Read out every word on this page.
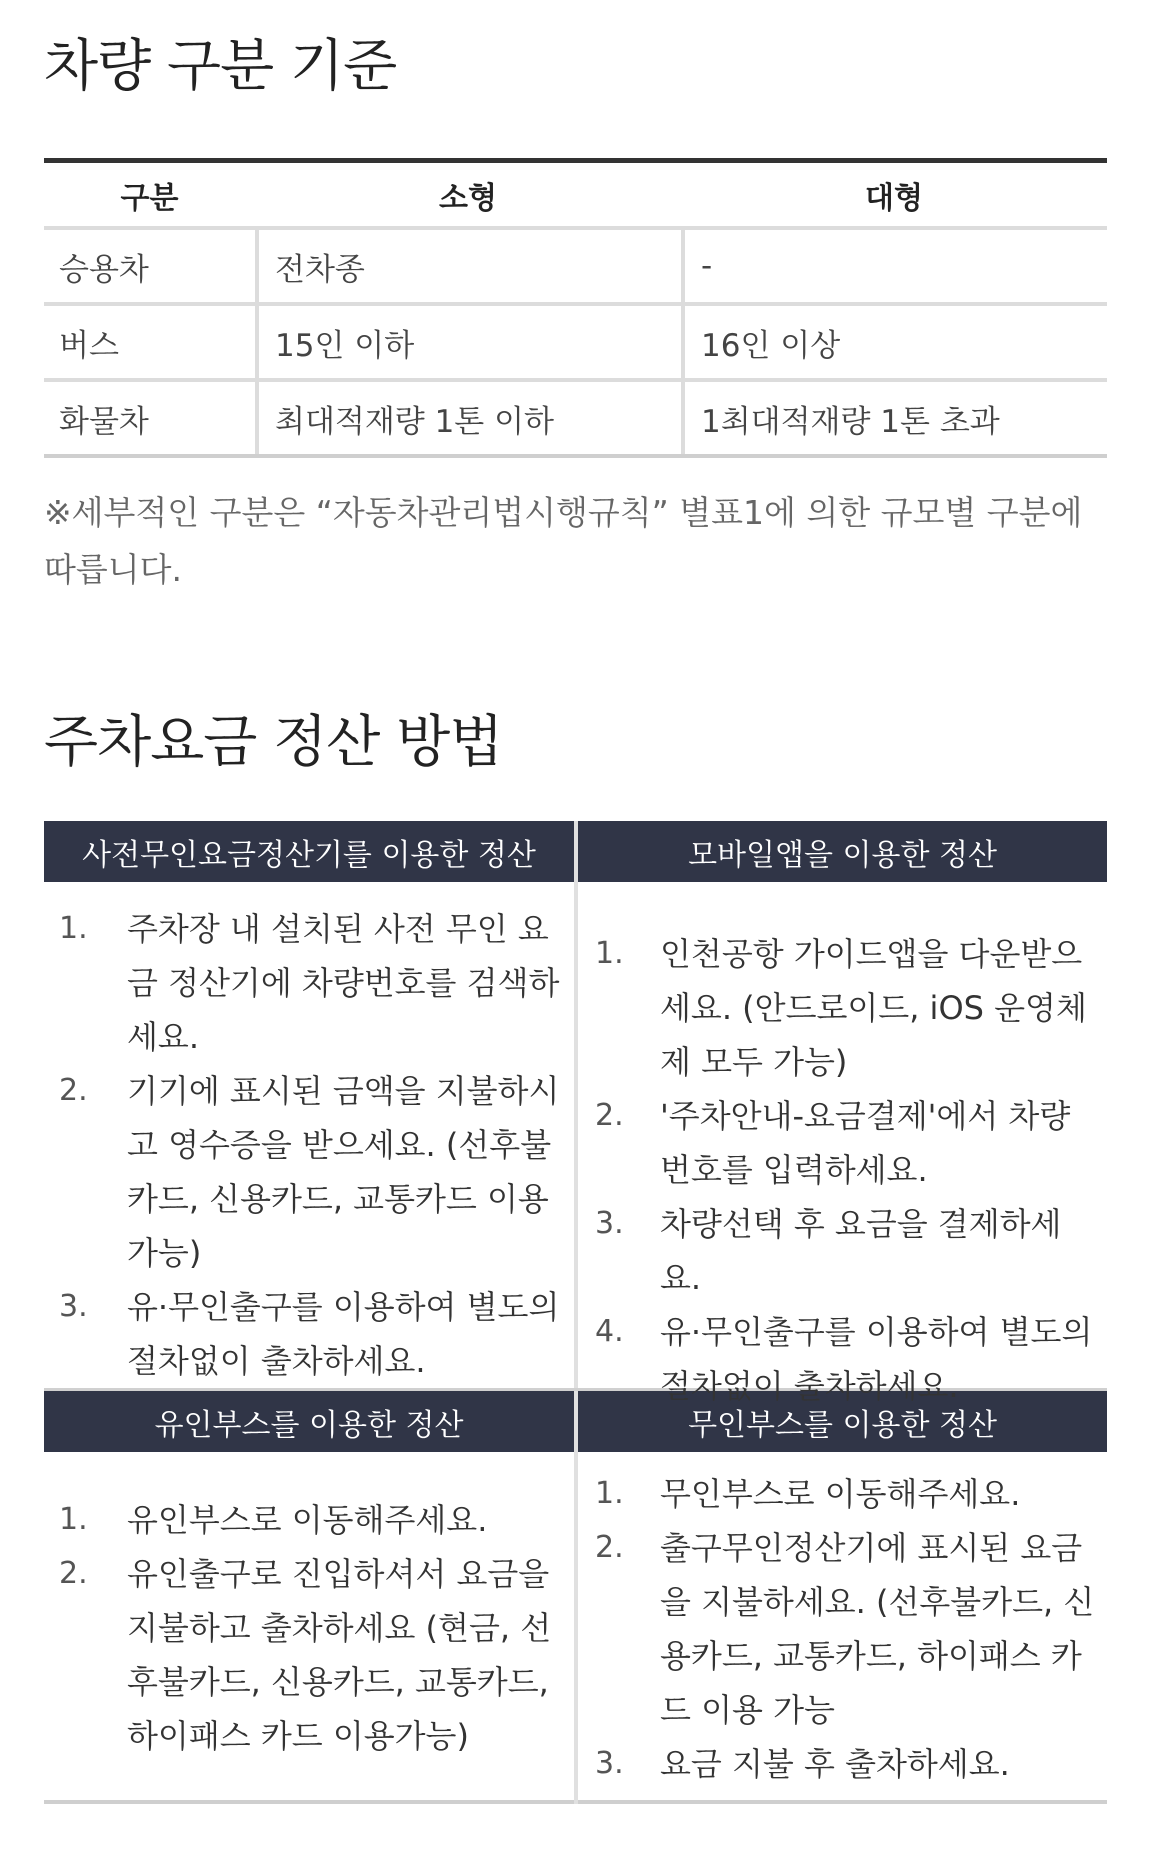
차량 구분 기준
구분	소형	대형
승용차	전차종	-
버스	15인 이하	16인 이상
화물차	최대적재량 1톤 이하	1최대적재량 1톤 초과

※세부적인 구분은 “자동차관리법시행규칙” 별표1에 의한 규모별 구분에 따릅니다.

주차요금 정산 방법
사전무인요금정산기를 이용한 정산
1. 주차장 내 설치된 사전 무인 요금 정산기에 차량번호를 검색하세요.
2. 기기에 표시된 금액을 지불하시고 영수증을 받으세요. (선후불카드, 신용카드, 교통카드 이용 가능)
3. 유·무인출구를 이용하여 별도의 절차없이 출차하세요.
모바일앱을 이용한 정산
1. 인천공항 가이드앱을 다운받으세요. (안드로이드, iOS 운영체제 모두 가능)
2. '주차안내-요금결제'에서 차량번호를 입력하세요.
3. 차량선택 후 요금을 결제하세요.
4. 유·무인출구를 이용하여 별도의 절차없이 출차하세요.
유인부스를 이용한 정산
1. 유인부스로 이동해주세요.
2. 유인출구로 진입하셔서 요금을 지불하고 출차하세요 (현금, 선후불카드, 신용카드, 교통카드, 하이패스 카드 이용가능)
무인부스를 이용한 정산
1. 무인부스로 이동해주세요.
2. 출구무인정산기에 표시된 요금을 지불하세요. (선후불카드, 신용카드, 교통카드, 하이패스 카드 이용 가능
3. 요금 지불 후 출차하세요.
